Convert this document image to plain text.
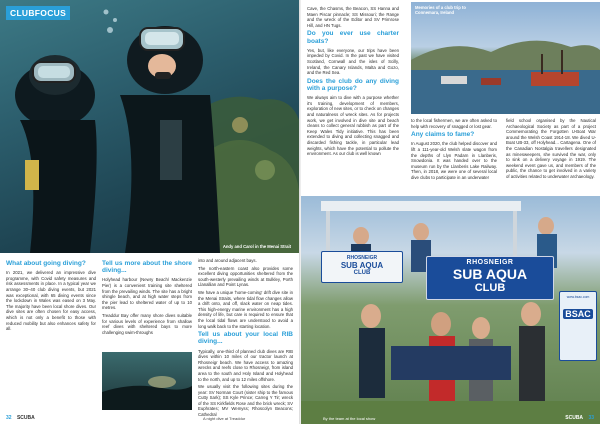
CLUBFOCUS
Andy and Carol in the Menai Strait
What about going diving?

In 2021, we delivered an impressive dive programme, with Covid safety measures and risk assessments in place. In a typical year we arrange 30–40 club diving events, but 2021 was exceptional, with 65 diving events since the lockdown in Wales was eased on 3 May. The majority have been local shore dives. Our dive sites are often chosen for easy access, which is not only a benefit to those with reduced mobility but also enhances safety for all.

Tell us more about the shore diving...

Holyhead harbour (Newry Beach/ Mackenzie Pier) is a convenient training site sheltered from the prevailing winds. The site has a bright shingle beach, and at high water steps from the pier lead to sheltered water of up to 10 metres.

Treaddur Bay offer many shore dives suitable for various levels of experience from shallow reef dives with sheltered bays to more challenging swim-throughs

into and around adjacent bays.

The north-eastern coast also provides some excellent diving opportunities sheltered from the south-westerly prevailing winds at Bulkley, Porth Llanallian and Point Lynas.

We have a unique 'home-coming' drift dive site in the Menai Straits, where tidal flow changes allow a drift onto, and off, slack water on neap tides. This high-energy marine environment has a high density of life, but care is required to ensure that the local tidal flows are understood to avoid a long walk back to the starting location.

Tell us about your local RIB diving...

Typically, one-third of planned club dives are RIB dives within 10 miles of our tractor launch at Rhosneigr beach. We have access to amazing wrecks and reefs close to Rhosneigr, from island area to the south and Holy Island and Holyhead to the north, and up to 12 miles offshore.

We usually visit the following sites during the year: SV Norman Court (sister ship to the famous Cutty Sark); SS Kyle Prince; Carreg Y Tir; wreck of the SS Kirkfields Rose and the brick wreck; SV Euphrates; MV Wemyss; Rhoscolyn Beacons; Cathedral

32 SCUBA	A night dive at Treaddur

Cave, the Chasms, the Beacon, SS Hanna and Maen Piscar pinnacle; SS Missouri; the Range and the wreck of the Editor and SV Primrose Hill, and HN Tugs.

Do you ever use charter boats?

Yes, but, like everyone, our trips have been impeded by Covid. In the past we have visited Scotland, Cornwall and the isles of Scilly, Ireland, the Canary Islands, Malta and Gozo, and the Red Sea.

Does the club do any diving with a purpose?

We always aim to dive with a purpose whether it's training, development of members, exploration of new sites, or to check on changes and naturalness of wreck sites. As for projects work, we get involved in dive site and beach cleans to collect general rubbish as part of the Keep Wales Tidy initiative. This has been extended to diving and collecting snagged and discarded fishing tackle, in particular lead weights, which have the potential to pollute the environment. As our club is well known

Memories of a club trip to Connemara, Ireland

to the local fishermen, we are often asked to help with recovery of snagged or lost gear.

Any claims to fame?

In August 2020, the club helped discover and lift a 111-year-old Welsh slate wagon from the depths of Llyn Padarn in Llanberis, Snowdonia. It was handed over to the museum run by the Llanberis Lake Railway. Then, in 2018, we were one of several local dive clubs to participate in an underwater

field school organised by the Nautical Archaeological Society as part of a project Commemorating the Forgotten U-Boat War around the Welsh Coast 1914-18. We dived U-Boat UB-33, off Holyhead... Cartagena. One of the Canadian Nostalgia travellers designated as minesweepers, she survived the war, only to sink on a delivery voyage in 1919. The weekend event gave us, and members of the public, the chance to get involved in a variety of activities related to underwater archaeology.

RHOSNEIGR
SUB AQUA
CLUB
RHOSNEIGR
SUB AQUA
CLUB
www.bsac.com
BSAC
By the team at the local show	SCUBA 33
